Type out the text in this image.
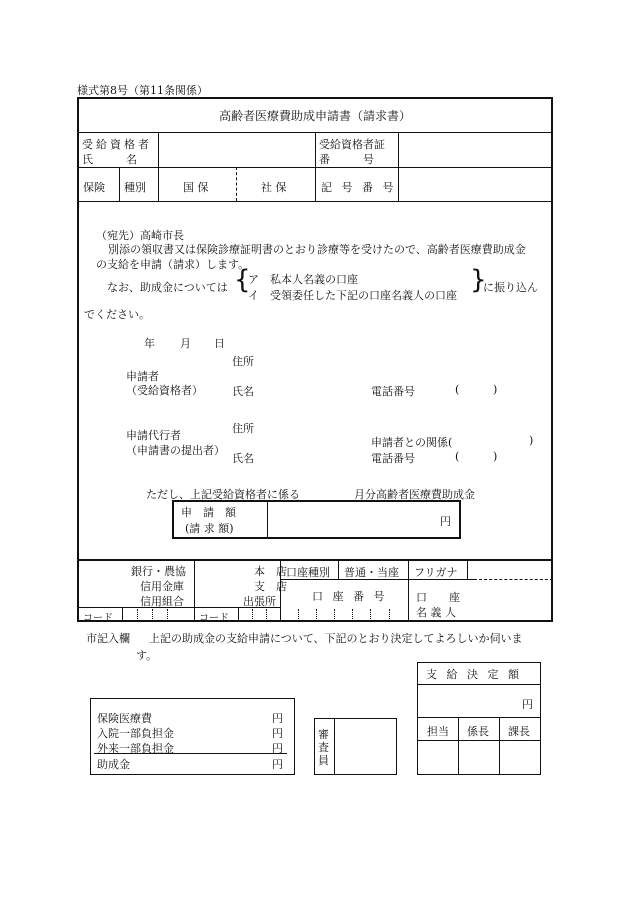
様式第8号（第11条関係）
高齢者医療費助成申請書（請求書）
受給資格者
氏　　　名
受給資格者証
番　　　号
保険 種別	国 保	社 保	記 号 番 号
（宛先）高崎市長
別添の領収書又は保険診療証明書のとおり診療等を受けたので、高齢者医療費助成金
の支給を申請（請求）します。
なお、助成金については {
ア　私本人名義の口座
イ　受領委任した下記の口座名義人の口座
}
に振り込ん
でください。
年 月 日
住所
申請者
（受給資格者）	氏名	電話番号	(	)
住所
申請代行者
（申請書の提出者）
申請者との関係(	)
氏名	電話番号	(	)
ただし、上記受給資格者に係る	月分高齢者医療費助成金
申　請　額
(請 求 額)
円
銀行・農協
信用金庫
信用組合
本　店
支　店
出張所
口座種別 普通・当座
口 座 番 号
フリガナ
口　　座
名 義 人
コード	コード
市記入欄 上記の助成金の支給申請について、下記のとおり決定してよろしいか伺いま
す。
保険医療費	円
入院一部負担金	円
外来一部負担金	円
助成金	円
審査員
支 給 決 定 額
円
担当 係長 課長
